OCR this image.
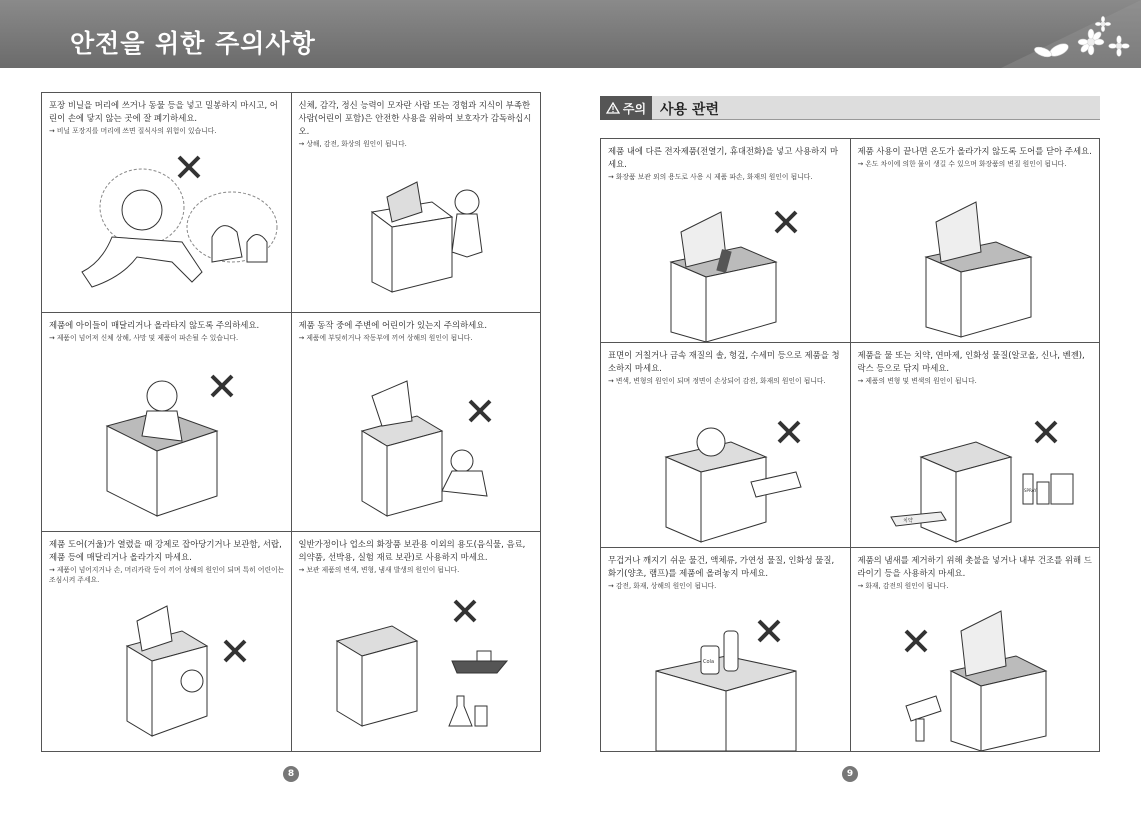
안전을 위한 주의사항
포장 비닐을 머리에 쓰거나 동물 등을 넣고 밀봉하지 마시고, 어린이 손에 닿지 않는 곳에 잘 폐기하세요.
→ 비닐 포장지를 머리에 쓰면 질식사의 위험이 있습니다.
신체, 감각, 정신 능력이 모자란 사람 또는 경험과 지식이 부족한 사람(어린이 포함)은 안전한 사용을 위하여 보호자가 감독하십시오.
→ 상해, 감전, 화상의 원인이 됩니다.
제품에 아이들이 매달리거나 올라타지 않도록 주의하세요.
→ 제품이 넘어져 신체 상해, 사망 및 제품이 파손될 수 있습니다.
제품 동작 중에 주변에 어린이가 있는지 주의하세요.
→ 제품에 부딪히거나 작동부에 끼여 상해의 원인이 됩니다.
제품 도어(거울)가 열렸을 때 강제로 잡아당기거나 보관함, 서랍, 제품 등에 매달리거나 올라가지 마세요.
→ 제품이 넘어지거나 손, 머리카락 등이 끼어 상해의 원인이 되며 특히 어린이는 조심시켜 주세요.
일반가정이나 업소의 화장품 보관용 이외의 용도(음식물, 음료, 의약품, 선박용, 실험 재료 보관)로 사용하지 마세요.
→ 보관 제품의 변색, 변형, 냄새 발생의 원인이 됩니다.
주의 사용 관련
제품 내에 다른 전자제품(전열기, 휴대전화)을 넣고 사용하지 마세요.
→ 화장품 보관 외의 용도로 사용 시 제품 파손, 화재의 원인이 됩니다.
제품 사용이 끝나면 온도가 올라가지 않도록 도어를 닫아 주세요.
→ 온도 차이에 의한 물이 생길 수 있으며 화장품의 변질 원인이 됩니다.
표면이 거칠거나 금속 재질의 솔, 헝겊, 수세미 등으로 제품을 청소하지 마세요.
→ 변색, 변형의 원인이 되며 정면이 손상되어 감전, 화재의 원인이 됩니다.
제품을 물 또는 치약, 연마제, 인화성 물질(알코올, 신나, 벤젠), 락스 등으로 닦지 마세요.
→ 제품의 변형 및 변색의 원인이 됩니다.
SPRAY
치약
무겁거나 깨지기 쉬운 물건, 액체류, 가연성 물질, 인화성 물질, 화기(양초, 램프)를 제품에 올려놓지 마세요.
→ 감전, 화재, 상해의 원인이 됩니다.
Cola
제품의 냄새를 제거하기 위해 촛불을 넣거나 내부 건조를 위해 드라이기 등을 사용하지 마세요.
→ 화재, 감전의 원인이 됩니다.
8	9
